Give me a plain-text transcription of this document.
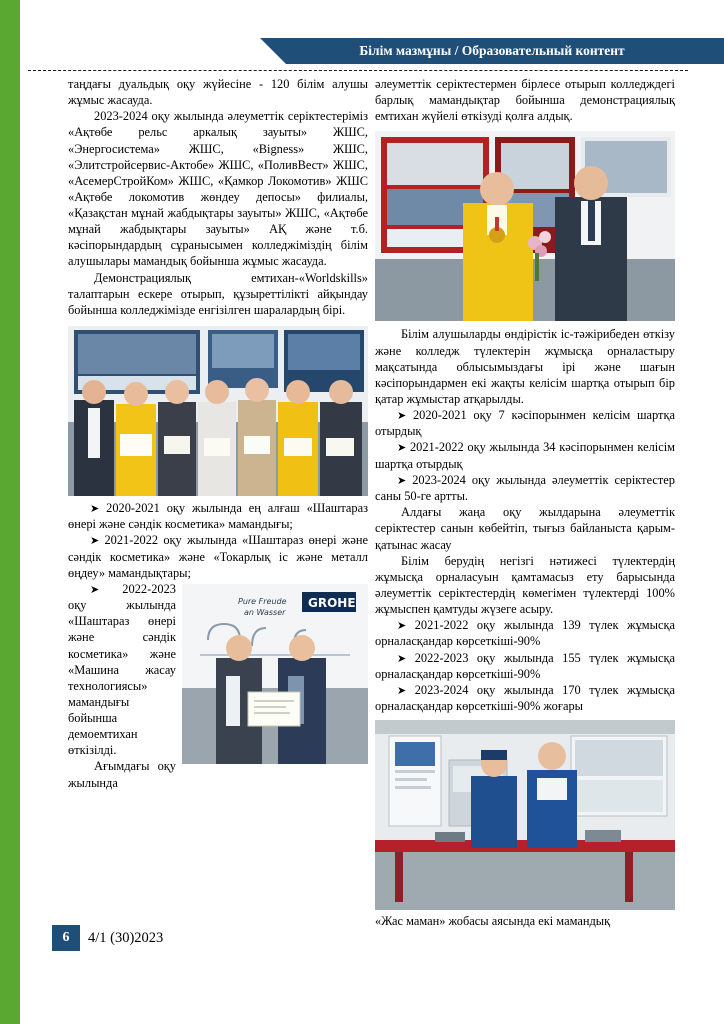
Білім мазмұны / Образовательный контент

таңдағы дуальдық оқу жүйесіне - 120 білім алушы жұмыс жасауда.

2023-2024 оқу жылында әлеуметтік серіктестеріміз «Ақтөбе рельс аркалық зауыты» ЖШС, «Энергосистема» ЖШС, «Bigness» ЖШС, «Элитстройсервис-Актобе» ЖШС, «ПоливВест» ЖШС, «АсемерСтройКом» ЖШС, «Қамкор Локомотив» ЖШС «Ақтөбе локомотив жөндеу депосы» филиалы, «Қазақстан мұнай жабдықтары зауыты» ЖШС, «Ақтөбе мұнай жабдықтары зауыты» АҚ және т.б. кәсіпорындардың сұранысымен колледжіміздің білім алушылары мамандық бойынша жұмыс жасауда.

Демонстрациялық емтихан-«Worldskills» талаптарын ескере отырып, құзыреттілікті айқындау бойынша колледжімізде енгізілген шаралардың бірі.

➤ 2020-2021 оқу жылында ең алғаш «Шаштараз өнері және сәндік косметика» мамандығы;

➤ 2021-2022 оқу жылында «Шаштараз өнері және сәндік косметика» және «Токарлық іс және металл өңдеу» мамандықтары;

Pure Freude
an Wasser
GROHE

➤ 2022-2023 оқу жылында «Шаштараз өнері және сәндік косметика» және «Машина жасау технологиясы» мамандығы бойынша демоемтихан өткізілді.

Ағымдағы оқу жылында

әлеуметтік серіктестермен бірлесе отырып колледждегі барлық мамандықтар бойынша демонстрациялық емтихан жүйелі өткізуді қолға алдық.

Білім алушыларды өндірістік іс-тәжірибеден өткізу және колледж түлектерін жұмысқа орналастыру мақсатында облысымыздағы ірі және шағын кәсіпорындармен екі жақты келісім шартқа отырып бір қатар жұмыстар атқарылды.

➤ 2020-2021 оқу 7 кәсіпорынмен келісім шартқа отырдық

➤ 2021-2022 оқу жылында 34 кәсіпорынмен келісім шартқа отырдық

➤ 2023-2024 оқу жылында әлеуметтік серіктестер саны 50-ге артты.

Алдағы жаңа оқу жылдарына әлеуметтік серіктестер санын көбейтіп, тығыз байланыста қарым-қатынас жасау

Білім берудің негізгі нәтижесі түлектердің жұмысқа орналасуын қамтамасыз ету барысында әлеуметтік серіктестердің көмегімен түлектерді 100% жұмыспен қамтуды жүзеге асыру.

➤ 2021-2022 оқу жылында 139 түлек жұмысқа орналасқандар көрсеткіші-90%

➤ 2022-2023 оқу жылында 155 түлек жұмысқа орналасқандар көрсеткіші-90%

➤ 2023-2024 оқу жылында 170 түлек жұмысқа орналасқандар көрсеткіші-90% жоғары

«Жас маман» жобасы аясында екі мамандық

6	4/1 (30)2023
